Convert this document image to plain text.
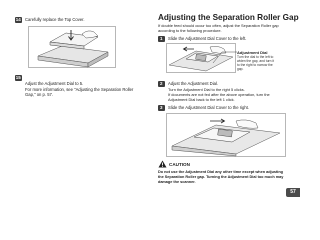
14 Carefully replace the Top Cover.
15
Adjust the Adjustment Dial to 5.
For more information, see "Adjusting the Separation Roller
Gap," on p. 57.
Adjusting the Separation Roller Gap
If double feed should occur too often, adjust the Separation Roller gap
according to the following procedure.
1	Slide the Adjustment Dial Cover to the left.
Adjustment Dial
Turn the dial to the left to
widen the gap, and turn it
to the right to narrow the
gap.
2	Adjust the Adjustment Dial.
Turn the Adjustment Dial to the right 5 clicks.
If documents are not fed after the above operation, turn the
Adjustment Dial back to the left 1 click.
3	Slide the Adjustment Dial Cover to the right.
CAUTION
Do not use the Adjustment Dial any other time except when adjusting
the Separation Roller gap. Turning the Adjustment Dial too much may
damage the scanner.
57
